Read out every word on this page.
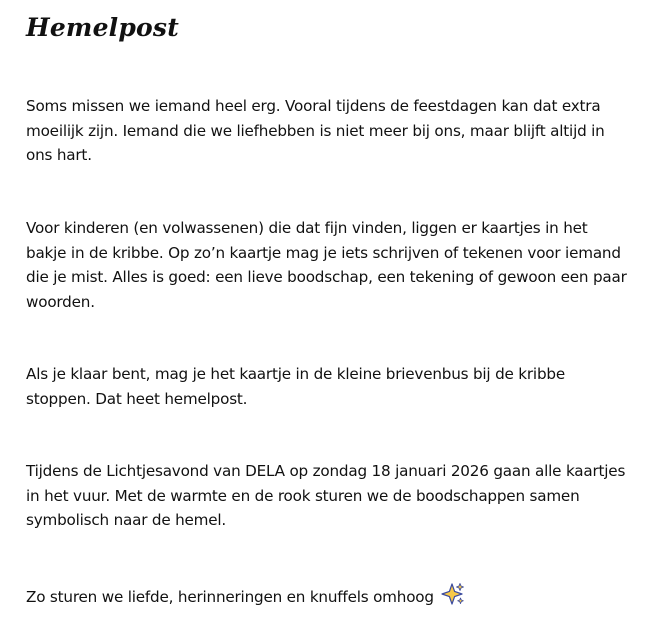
Hemelpost

Soms missen we iemand heel erg. Vooral tijdens de feestdagen kan dat extra moeilijk zijn. Iemand die we liefhebben is niet meer bij ons, maar blijft altijd in ons hart.

Voor kinderen (en volwassenen) die dat fijn vinden, liggen er kaartjes in het bakje in de kribbe. Op zo’n kaartje mag je iets schrijven of tekenen voor iemand die je mist. Alles is goed: een lieve boodschap, een tekening of gewoon een paar woorden.

Als je klaar bent, mag je het kaartje in de kleine brievenbus bij de kribbe stoppen. Dat heet hemelpost.

Tijdens de Lichtjesavond van DELA op zondag 18 januari 2026 gaan alle kaartjes in het vuur. Met de warmte en de rook sturen we de boodschappen samen symbolisch naar de hemel.

Zo sturen we liefde, herinneringen en knuffels omhoog
